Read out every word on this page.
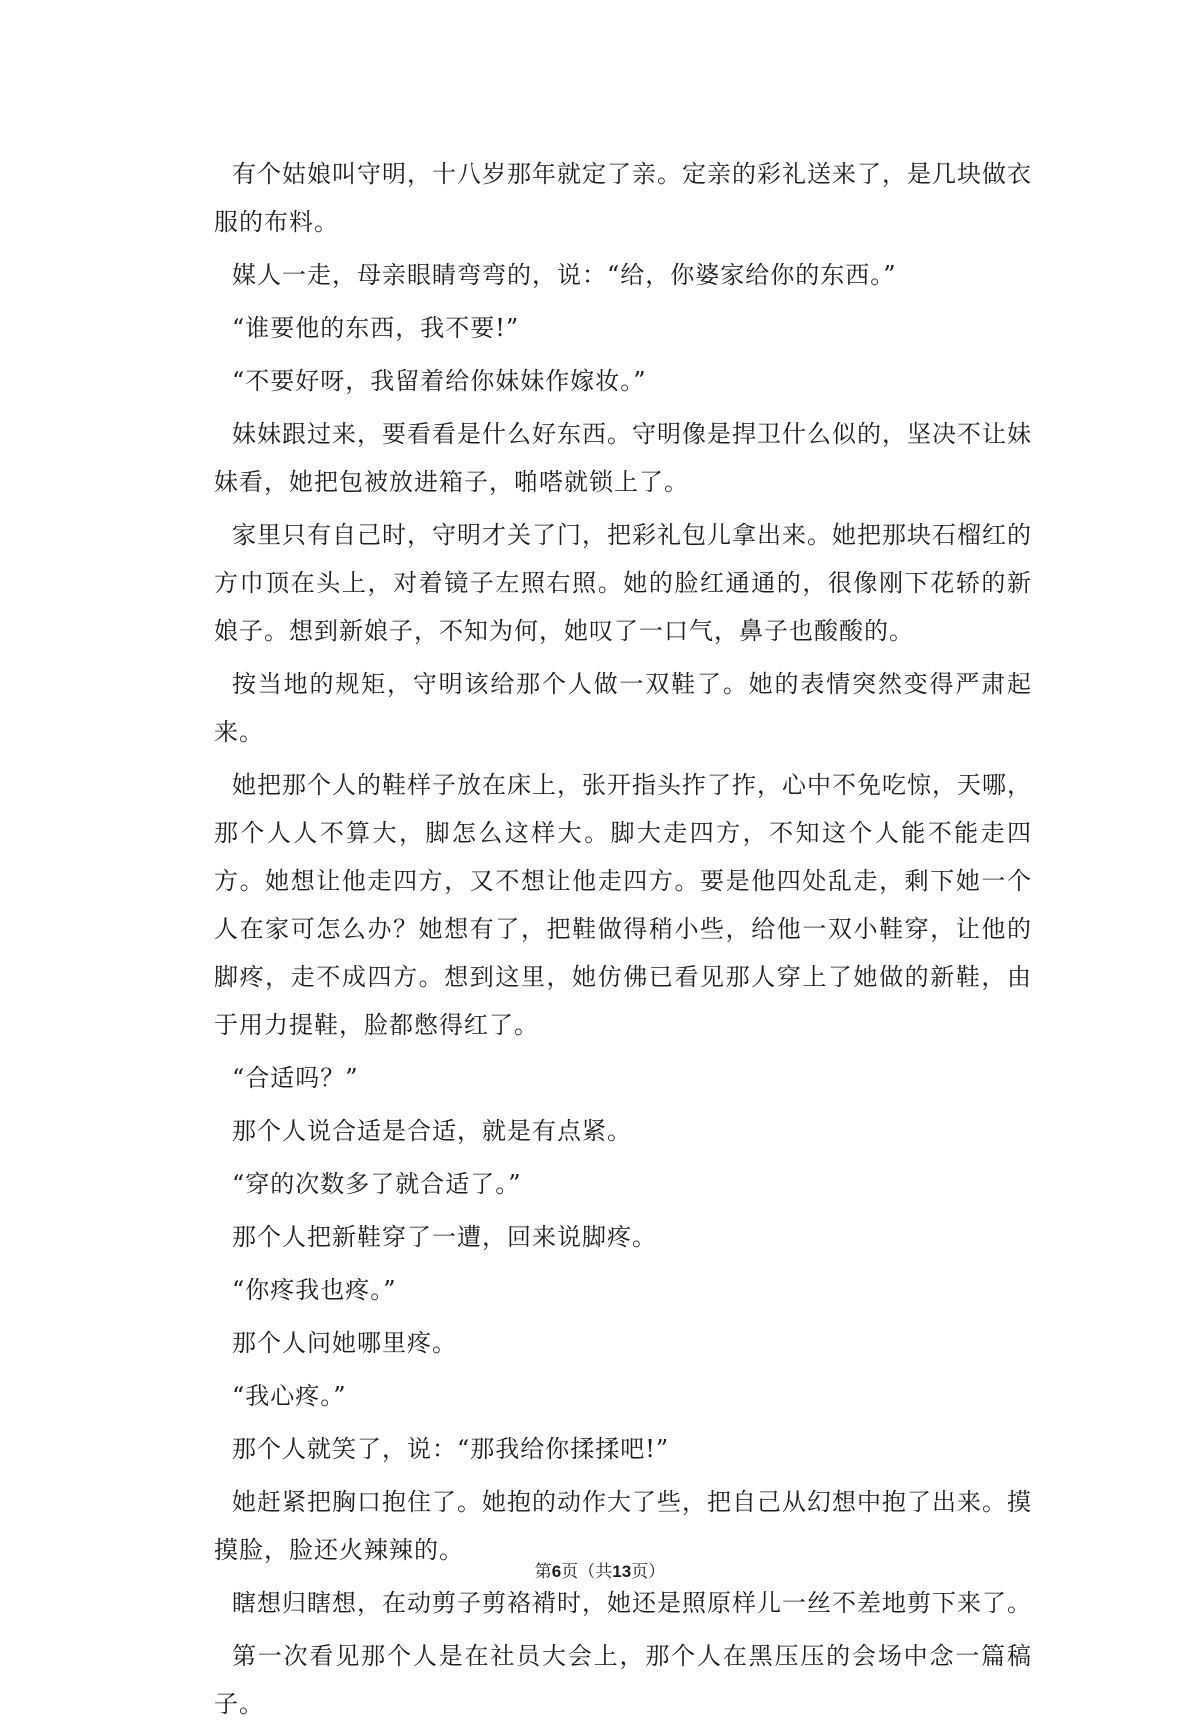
有个姑娘叫守明，十八岁那年就定了亲。定亲的彩礼送来了，是几块做衣服的布料。

媒人一走，母亲眼睛弯弯的，说：“给，你婆家给你的东西。”

“谁要他的东西，我不要!”

“不要好呀，我留着给你妹妹作嫁妆。”

妹妹跟过来，要看看是什么好东西。守明像是捍卫什么似的，坚决不让妹妹看，她把包被放进箱子，啪嗒就锁上了。

家里只有自己时，守明才关了门，把彩礼包儿拿出来。她把那块石榴红的方巾顶在头上，对着镜子左照右照。她的脸红通通的，很像刚下花轿的新娘子。想到新娘子，不知为何，她叹了一口气，鼻子也酸酸的。

按当地的规矩，守明该给那个人做一双鞋了。她的表情突然变得严肃起来。

她把那个人的鞋样子放在床上，张开指头拃了拃，心中不免吃惊，天哪，那个人人不算大，脚怎么这样大。脚大走四方，不知这个人能不能走四方。她想让他走四方，又不想让他走四方。要是他四处乱走，剩下她一个人在家可怎么办？她想有了，把鞋做得稍小些，给他一双小鞋穿，让他的脚疼，走不成四方。想到这里，她仿佛已看见那人穿上了她做的新鞋，由于用力提鞋，脸都憋得红了。

“合适吗？”

那个人说合适是合适，就是有点紧。

“穿的次数多了就合适了。”

那个人把新鞋穿了一遭，回来说脚疼。

“你疼我也疼。”

那个人问她哪里疼。

“我心疼。”

那个人就笑了，说：“那我给你揉揉吧!”

她赶紧把胸口抱住了。她抱的动作大了些，把自己从幻想中抱了出来。摸摸脸，脸还火辣辣的。

瞎想归瞎想，在动剪子剪袼褙时，她还是照原样儿一丝不差地剪下来了。

第一次看见那个人是在社员大会上，那个人在黑压压的会场中念一篇稿子。

第6页（共13页）
